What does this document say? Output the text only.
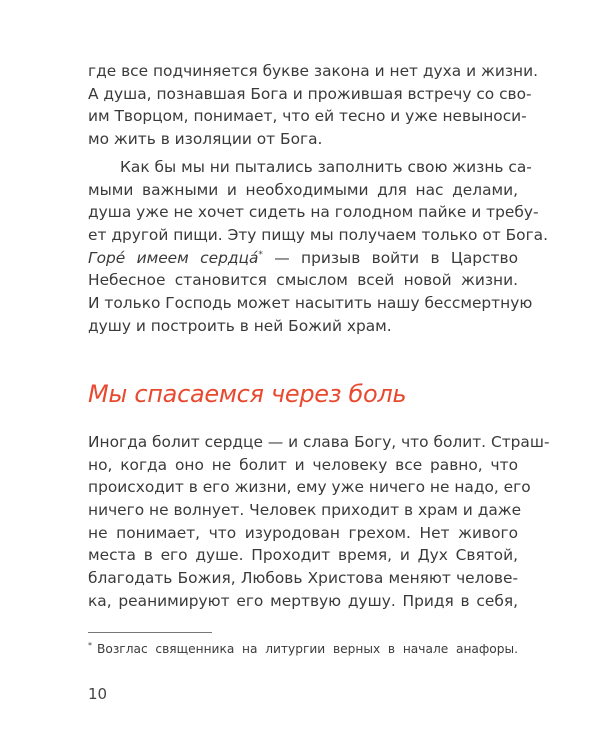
где все подчиняется букве закона и нет духа и жизни.
А душа, познавшая Бога и прожившая встречу со сво-
им Творцом, понимает, что ей тесно и уже невыноси-
мо жить в изоляции от Бога.
Как бы мы ни пытались заполнить свою жизнь са-
мыми важными и необходимыми для нас делами,
душа уже не хочет сидеть на голодном пайке и требу-
ет другой пищи. Эту пищу мы получаем только от Бога.
Горé имеем сердцá* — призыв войти в Царство
Небесное становится смыслом всей новой жизни.
И только Господь может насытить нашу бессмертную
душу и построить в ней Божий храм.
Мы спасаемся через боль
Иногда болит сердце — и слава Богу, что болит. Страш-
но, когда оно не болит и человеку все равно, что
происходит в его жизни, ему уже ничего не надо, его
ничего не волнует. Человек приходит в храм и даже
не понимает, что изуродован грехом. Нет живого
места в его душе. Проходит время, и Дух Святой,
благодать Божия, Любовь Христова меняют челове-
ка, реанимируют его мертвую душу. Придя в себя,
* Возглас священника на литургии верных в начале анафоры.
10
